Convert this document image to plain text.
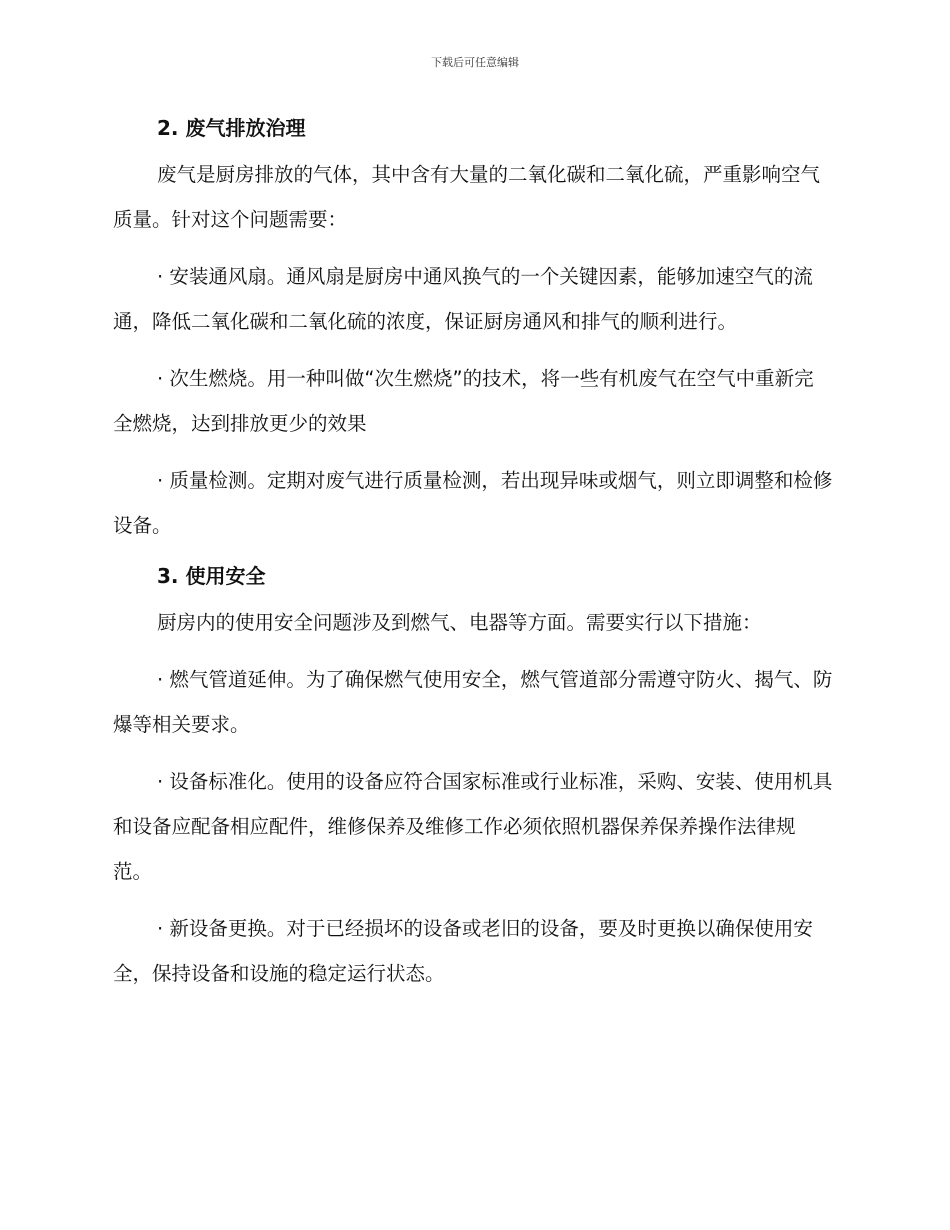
下载后可任意编辑
2. 废气排放治理

废气是厨房排放的气体，其中含有大量的二氧化碳和二氧化硫，严重影响空气质量。针对这个问题需要：

· 安装通风扇。通风扇是厨房中通风换气的一个关键因素，能够加速空气的流通，降低二氧化碳和二氧化硫的浓度，保证厨房通风和排气的顺利进行。

· 次生燃烧。用一种叫做“次生燃烧”的技术，将一些有机废气在空气中重新完全燃烧，达到排放更少的效果

· 质量检测。定期对废气进行质量检测，若出现异味或烟气，则立即调整和检修设备。

3. 使用安全

厨房内的使用安全问题涉及到燃气、电器等方面。需要实行以下措施：

· 燃气管道延伸。为了确保燃气使用安全，燃气管道部分需遵守防火、揭气、防爆等相关要求。

· 设备标准化。使用的设备应符合国家标准或行业标准，采购、安装、使用机具和设备应配备相应配件，维修保养及维修工作必须依照机器保养保养操作法律规范。

· 新设备更换。对于已经损坏的设备或老旧的设备，要及时更换以确保使用安全，保持设备和设施的稳定运行状态。
